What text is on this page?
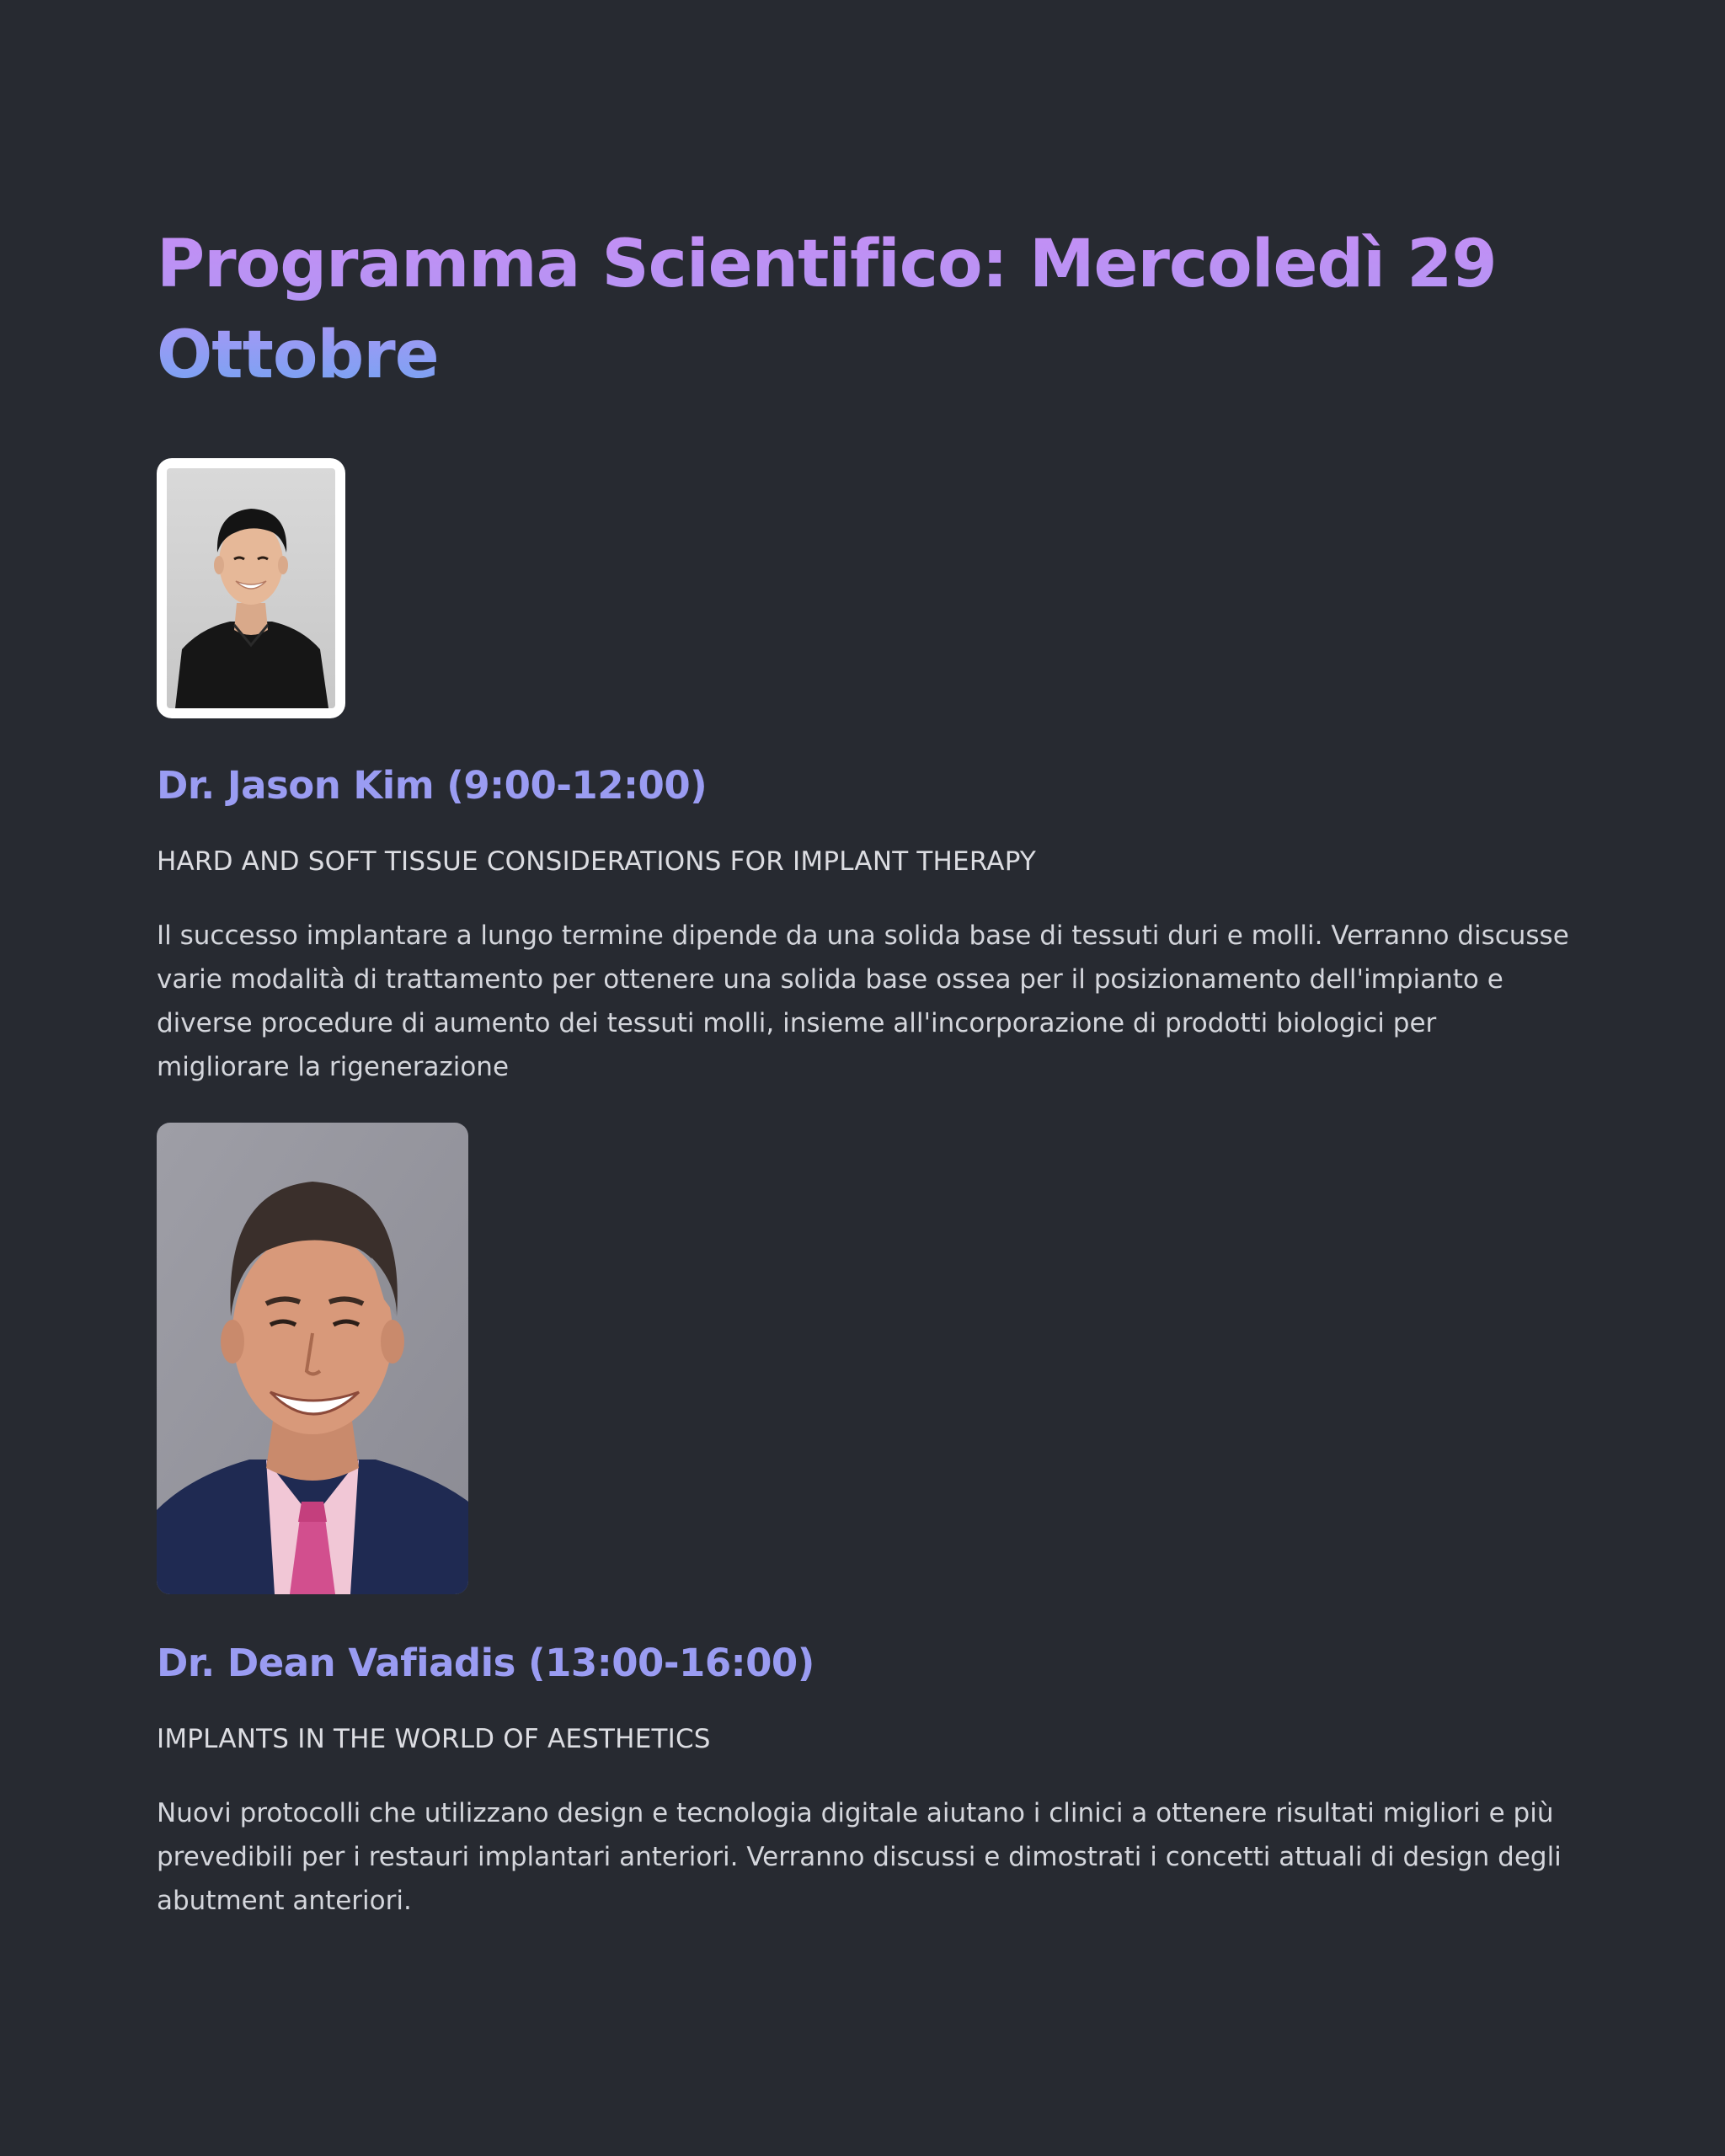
Programma Scientifico: Mercoledì 29 Ottobre
Dr. Jason Kim (9:00-12:00)

HARD AND SOFT TISSUE CONSIDERATIONS FOR IMPLANT THERAPY

Il successo implantare a lungo termine dipende da una solida base di tessuti duri e molli. Verranno discusse varie modalità di trattamento per ottenere una solida base ossea per il posizionamento dell'impianto e diverse procedure di aumento dei tessuti molli, insieme all'incorporazione di prodotti biologici per migliorare la rigenerazione

Dr. Dean Vafiadis (13:00-16:00)

IMPLANTS IN THE WORLD OF AESTHETICS

Nuovi protocolli che utilizzano design e tecnologia digitale aiutano i clinici a ottenere risultati migliori e più prevedibili per i restauri implantari anteriori. Verranno discussi e dimostrati i concetti attuali di design degli abutment anteriori.
